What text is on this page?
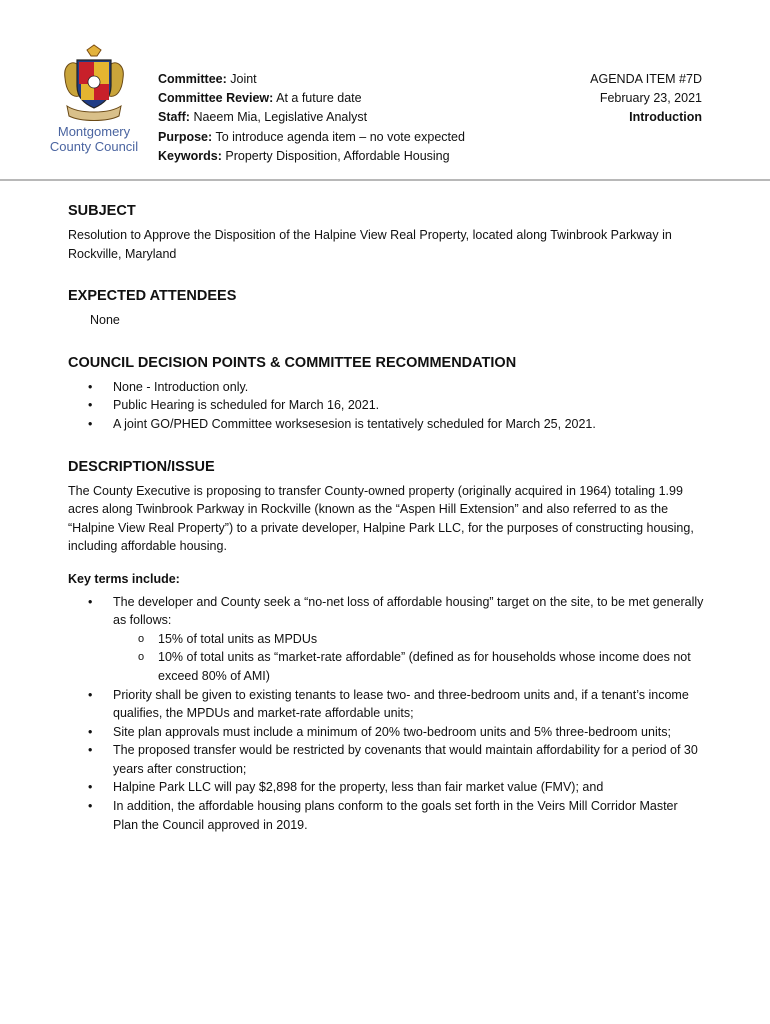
Montgomery
County Council
Committee: Joint
Committee Review: At a future date
Staff: Naeem Mia, Legislative Analyst
Purpose: To introduce agenda item – no vote expected
Keywords: Property Disposition, Affordable Housing
AGENDA ITEM #7D
February 23, 2021
Introduction
SUBJECT

Resolution to Approve the Disposition of the Halpine View Real Property, located along Twinbrook Parkway in Rockville, Maryland

EXPECTED ATTENDEES

None

COUNCIL DECISION POINTS & COMMITTEE RECOMMENDATION
• None - Introduction only.
• Public Hearing is scheduled for March 16, 2021.
• A joint GO/PHED Committee worksesesion is tentatively scheduled for March 25, 2021.
DESCRIPTION/ISSUE

The County Executive is proposing to transfer County-owned property (originally acquired in 1964) totaling 1.99 acres along Twinbrook Parkway in Rockville (known as the “Aspen Hill Extension” and also referred to as the “Halpine View Real Property”) to a private developer, Halpine Park LLC, for the purposes of constructing housing, including affordable housing.

Key terms include:

• The developer and County seek a “no-net loss of affordable housing” target on the site, to be met generally as follows:
o 15% of total units as MPDUs
o 10% of total units as “market-rate affordable” (defined as for households whose income does not exceed 80% of AMI)
• Priority shall be given to existing tenants to lease two- and three-bedroom units and, if a tenant’s income qualifies, the MPDUs and market-rate affordable units;
• Site plan approvals must include a minimum of 20% two-bedroom units and 5% three-bedroom units;
• The proposed transfer would be restricted by covenants that would maintain affordability for a period of 30 years after construction;
• Halpine Park LLC will pay $2,898 for the property, less than fair market value (FMV); and
• In addition, the affordable housing plans conform to the goals set forth in the Veirs Mill Corridor Master Plan the Council approved in 2019.
